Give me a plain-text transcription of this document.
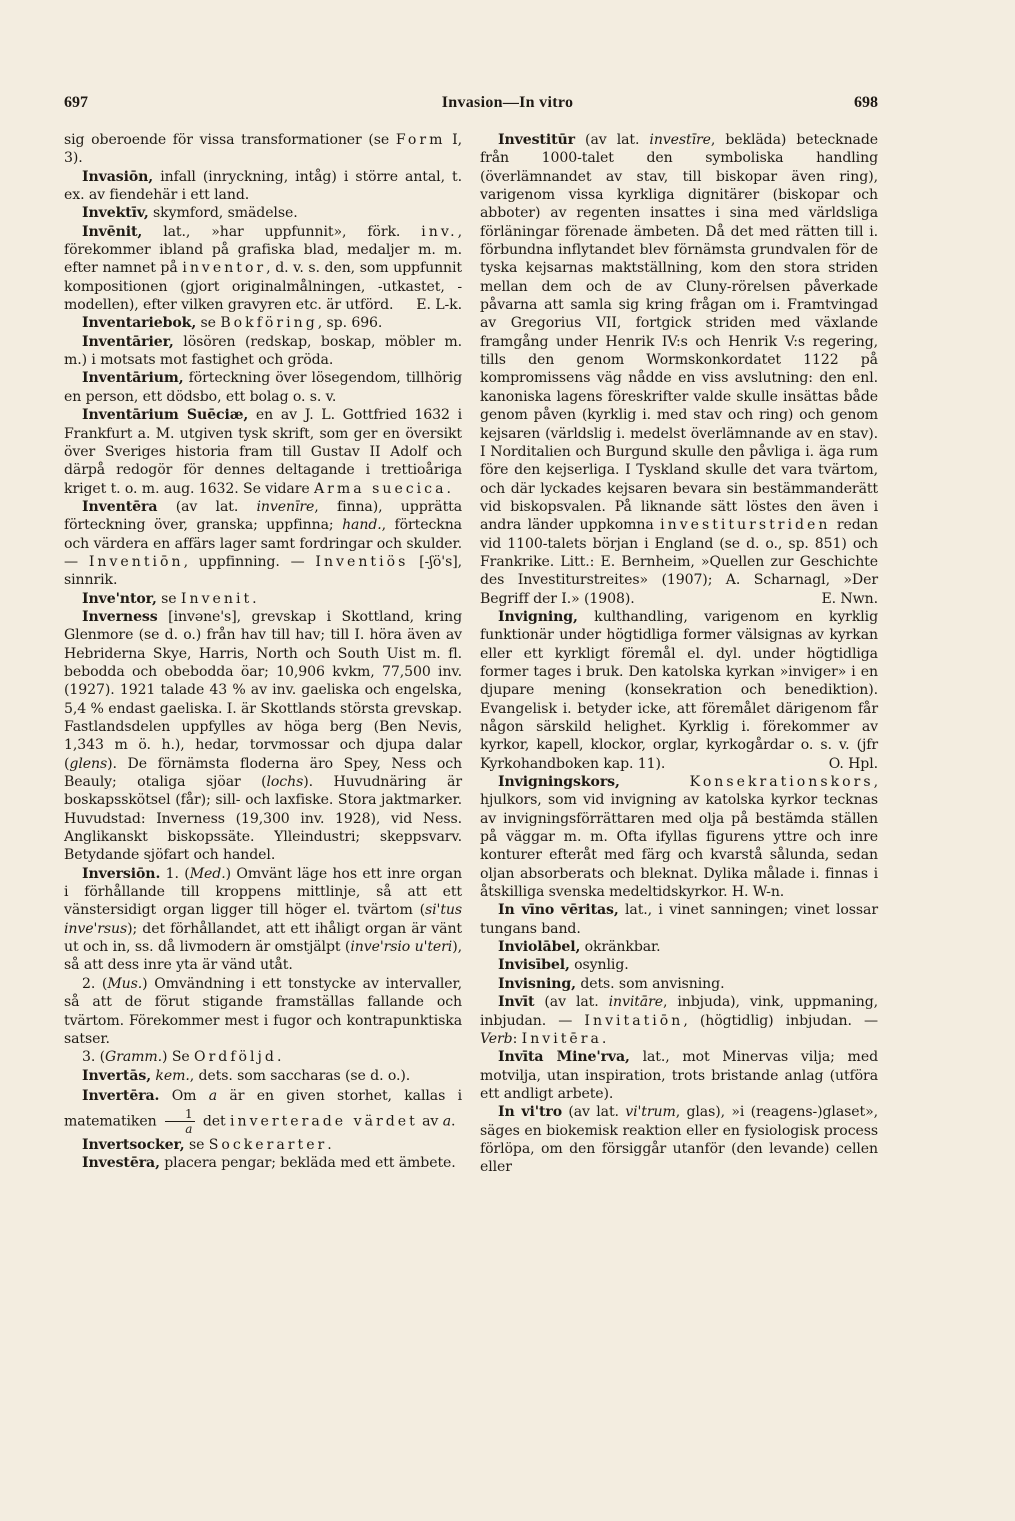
697	Invasion—In vitro	698

sig oberoende för vissa transformationer (se Form I, 3).

Invasiōn, infall (inryckning, intåg) i större antal, t. ex. av fiendehär i ett land.

Invektīv, skymford, smädelse.

Invēnit, lat., »har uppfunnit», förk. inv., förekommer ibland på grafiska blad, medaljer m. m. efter namnet på inventor, d. v. s. den, som uppfunnit kompositionen (gjort originalmålningen, -utkastet, -modellen), efter vilken gravyren etc. är utförd.	E. L-k.

Inventariebok, se Bokföring, sp. 696.

Inventārier, lösören (redskap, boskap, möbler m. m.) i motsats mot fastighet och gröda.

Inventārium, förteckning över lösegendom, tillhörig en person, ett dödsbo, ett bolag o. s. v.

Inventārium Suēciæ, en av J. L. Gottfried 1632 i Frankfurt a. M. utgiven tysk skrift, som ger en översikt över Sveriges historia fram till Gustav II Adolf och därpå redogör för dennes deltagande i trettioåriga kriget t. o. m. aug. 1632. Se vidare Arma suecica.

Inventēra (av lat. invenīre, finna), upprätta förteckning över, granska; uppfinna; hand., förteckna och värdera en affärs lager samt fordringar och skulder. — Inventiōn, uppfinning. — Inventiös [-ʃö's], sinnrik.

Inve'ntor, se Invenit.

Inverness [invəne's], grevskap i Skottland, kring Glenmore (se d. o.) från hav till hav; till I. höra även av Hebriderna Skye, Harris, North och South Uist m. fl. bebodda och obebodda öar; 10,906 kvkm, 77,500 inv. (1927). 1921 talade 43 % av inv. gaeliska och engelska, 5,4 % endast gaeliska. I. är Skottlands största grevskap. Fastlandsdelen uppfylles av höga berg (Ben Nevis, 1,343 m ö. h.), hedar, torvmossar och djupa dalar (glens). De förnämsta floderna äro Spey, Ness och Beauly; otaliga sjöar (lochs). Huvudnäring är boskapsskötsel (får); sill- och laxfiske. Stora jaktmarker. Huvudstad: Inverness (19,300 inv. 1928), vid Ness. Anglikanskt biskopssäte. Ylleindustri; skeppsvarv. Betydande sjöfart och handel.

Inversiōn. 1. (Med.) Omvänt läge hos ett inre organ i förhållande till kroppens mittlinje, så att ett vänstersidigt organ ligger till höger el. tvärtom (si'tus inve'rsus); det förhållandet, att ett ihåligt organ är vänt ut och in, ss. då livmodern är omstjälpt (inve'rsio u'teri), så att dess inre yta är vänd utåt.

2. (Mus.) Omvändning i ett tonstycke av intervaller, så att de förut stigande framställas fallande och tvärtom. Förekommer mest i fugor och kontrapunktiska satser.

3. (Gramm.) Se Ordföljd.

Invertās, kem., dets. som saccharas (se d. o.).

Invertēra. Om a är en given storhet, kallas i matematiken $\frac{1}{a}$ det inverterade värdet av a.

Invertsocker, se Sockerarter.

Investēra, placera pengar; bekläda med ett ämbete.

Investitūr (av lat. investīre, bekläda) betecknade från 1000-talet den symboliska handling (överlämnandet av stav, till biskopar även ring), varigenom vissa kyrkliga dignitärer (biskopar och abboter) av regenten insattes i sina med världsliga förläningar förenade ämbeten. Då det med rätten till i. förbundna inflytandet blev förnämsta grundvalen för de tyska kejsarnas maktställning, kom den stora striden mellan dem och de av Cluny-rörelsen påverkade påvarna att samla sig kring frågan om i. Framtvingad av Gregorius VII, fortgick striden med växlande framgång under Henrik IV:s och Henrik V:s regering, tills den genom Wormskonkordatet 1122 på kompromissens väg nådde en viss avslutning: den enl. kanoniska lagens föreskrifter valde skulle insättas både genom påven (kyrklig i. med stav och ring) och genom kejsaren (världslig i. medelst överlämnande av en stav). I Norditalien och Burgund skulle den påvliga i. äga rum före den kejserliga. I Tyskland skulle det vara tvärtom, och där lyckades kejsaren bevara sin bestämmanderätt vid biskopsvalen. På liknande sätt löstes den även i andra länder uppkomna investiturstriden redan vid 1100-talets början i England (se d. o., sp. 851) och Frankrike. Litt.: E. Bernheim, »Quellen zur Geschichte des Investiturstreites» (1907); A. Scharnagl, »Der Begriff der I.» (1908).	E. Nwn.

Invigning, kulthandling, varigenom en kyrklig funktionär under högtidliga former välsignas av kyrkan eller ett kyrkligt föremål el. dyl. under högtidliga former tages i bruk. Den katolska kyrkan »inviger» i en djupare mening (konsekration och benediktion). Evangelisk i. betyder icke, att föremålet därigenom får någon särskild helighet. Kyrklig i. förekommer av kyrkor, kapell, klockor, orglar, kyrkogårdar o. s. v. (jfr Kyrkohandboken kap. 11).	O. Hpl.

Invigningskors, Konsekrationskors, hjulkors, som vid invigning av katolska kyrkor tecknas av invigningsförrättaren med olja på bestämda ställen på väggar m. m. Ofta ifyllas figurens yttre och inre konturer efteråt med färg och kvarstå sålunda, sedan oljan absorberats och bleknat. Dylika målade i. finnas i åtskilliga svenska medeltidskyrkor. H. W-n.

In vīno vēritas, lat., i vinet sanningen; vinet lossar tungans band.

Inviolābel, okränkbar.

Invisībel, osynlig.

Invisning, dets. som anvisning.

Invīt (av lat. invitāre, inbjuda), vink, uppmaning, inbjudan. — Invitatiōn, (högtidlig) inbjudan. — Verb: Invitēra.

Invīta Mine'rva, lat., mot Minervas vilja; med motvilja, utan inspiration, trots bristande anlag (utföra ett andligt arbete).

In vi'tro (av lat. vi'trum, glas), »i (reagens-)glaset», säges en biokemisk reaktion eller en fysiologisk process förlöpa, om den försiggår utanför (den levande) cellen eller
